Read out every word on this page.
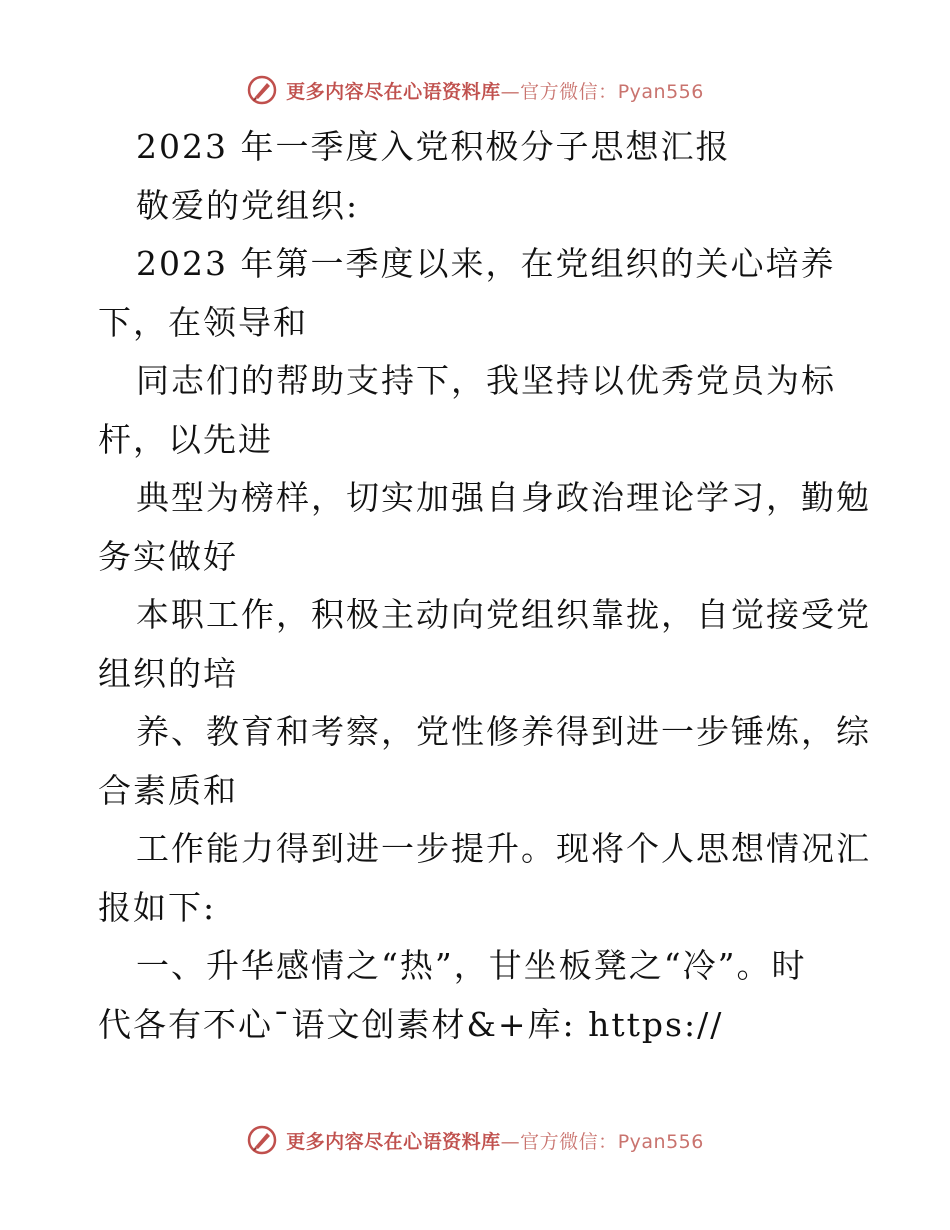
更多内容尽在心语资料库—官方微信：Pyan556
2023 年一季度入党积极分子思想汇报
敬爱的党组织:
2023 年第一季度以来，在党组织的关心培养
下，在领导和
同志们的帮助支持下，我坚持以优秀党员为标
杆，以先进
典型为榜样，切实加强自身政治理论学习，勤勉
务实做好
本职工作，积极主动向党组织靠拢，自觉接受党
组织的培
养、教育和考察，党性修养得到进一步锤炼，综
合素质和
工作能力得到进一步提升。现将个人思想情况汇
报如下:
一、升华感情之“热”，甘坐板凳之“冷”。时
代各有不心¯语文创素材&+库: https://
更多内容尽在心语资料库—官方微信：Pyan556
